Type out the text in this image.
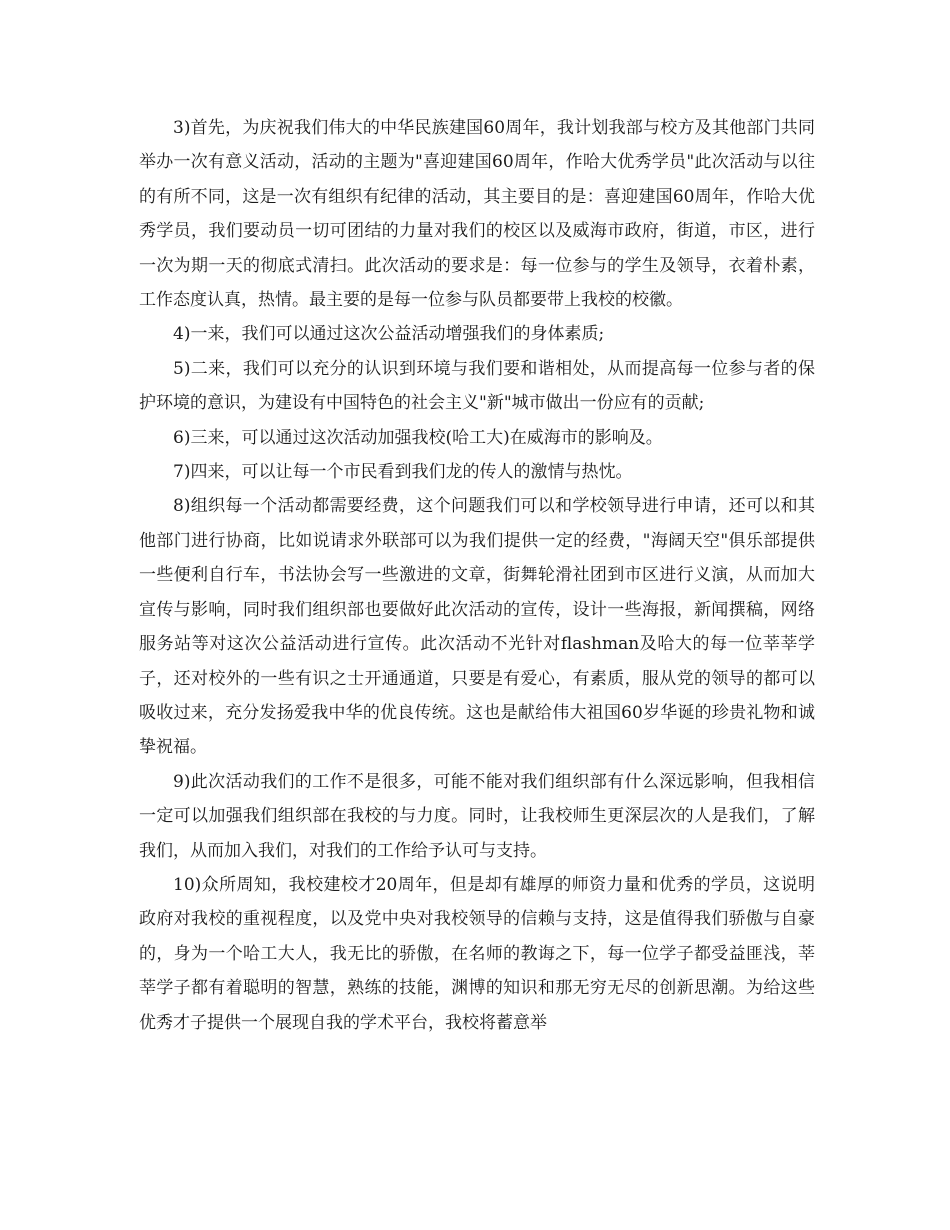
3)首先，为庆祝我们伟大的中华民族建国60周年，我计划我部与校方及其他部门共同举办一次有意义活动，活动的主题为"喜迎建国60周年，作哈大优秀学员"此次活动与以往的有所不同，这是一次有组织有纪律的活动，其主要目的是：喜迎建国60周年，作哈大优秀学员，我们要动员一切可团结的力量对我们的校区以及威海市政府，街道，市区，进行一次为期一天的彻底式清扫。此次活动的要求是：每一位参与的学生及领导，衣着朴素，工作态度认真，热情。最主要的是每一位参与队员都要带上我校的校徽。

4)一来，我们可以通过这次公益活动增强我们的身体素质;

5)二来，我们可以充分的认识到环境与我们要和谐相处，从而提高每一位参与者的保护环境的意识，为建设有中国特色的社会主义"新"城市做出一份应有的贡献;

6)三来，可以通过这次活动加强我校(哈工大)在威海市的影响及。

7)四来，可以让每一个市民看到我们龙的传人的激情与热忱。

8)组织每一个活动都需要经费，这个问题我们可以和学校领导进行申请，还可以和其他部门进行协商，比如说请求外联部可以为我们提供一定的经费，"海阔天空"俱乐部提供一些便利自行车，书法协会写一些激进的文章，街舞轮滑社团到市区进行义演，从而加大宣传与影响，同时我们组织部也要做好此次活动的宣传，设计一些海报，新闻撰稿，网络服务站等对这次公益活动进行宣传。此次活动不光针对flashman及哈大的每一位莘莘学子，还对校外的一些有识之士开通通道，只要是有爱心，有素质，服从党的领导的都可以吸收过来，充分发扬爱我中华的优良传统。这也是献给伟大祖国60岁华诞的珍贵礼物和诚挚祝福。

9)此次活动我们的工作不是很多，可能不能对我们组织部有什么深远影响，但我相信一定可以加强我们组织部在我校的与力度。同时，让我校师生更深层次的人是我们，了解我们，从而加入我们，对我们的工作给予认可与支持。

10)众所周知，我校建校才20周年，但是却有雄厚的师资力量和优秀的学员，这说明政府对我校的重视程度，以及党中央对我校领导的信赖与支持，这是值得我们骄傲与自豪的，身为一个哈工大人，我无比的骄傲，在名师的教诲之下，每一位学子都受益匪浅，莘莘学子都有着聪明的智慧，熟练的技能，渊博的知识和那无穷无尽的创新思潮。为给这些优秀才子提供一个展现自我的学术平台，我校将蓄意举
